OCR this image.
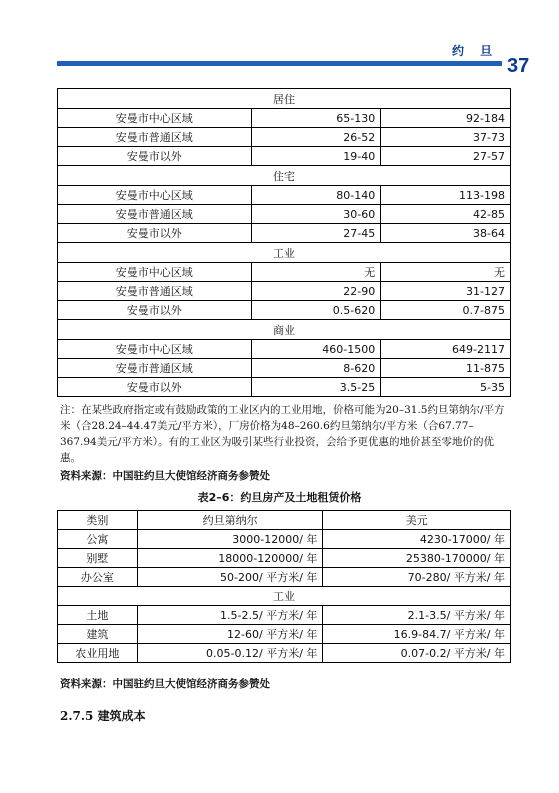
约 旦
37
居住		
安曼市中心区域	65-130	92-184
安曼市普通区域	26-52	37-73
安曼市以外	19-40	27-57
住宅		
安曼市中心区域	80-140	113-198
安曼市普通区域	30-60	42-85
安曼市以外	27-45	38-64
工业		
安曼市中心区域	无	无
安曼市普通区域	22-90	31-127
安曼市以外	0.5-620	0.7-875
商业		
安曼市中心区域	460-1500	649-2117
安曼市普通区域	8-620	11-875
安曼市以外	3.5-25	5-35
注：在某些政府指定或有鼓励政策的工业区内的工业用地，价格可能为20–31.5约旦第纳尔/平方米（合28.24–44.47美元/平方米），厂房价格为48–260.6约旦第纳尔/平方米（合67.77–367.94美元/平方米）。有的工业区为吸引某些行业投资，会给予更优惠的地价甚至零地价的优惠。
资料来源：中国驻约旦大使馆经济商务参赞处
表2–6：约旦房产及土地租赁价格
类别	约旦第纳尔	美元
公寓	3000-12000/ 年	4230-17000/ 年
别墅	18000-120000/ 年	25380-170000/ 年
办公室	50-200/ 平方米/ 年	70-280/ 平方米/ 年
工业		
土地	1.5-2.5/ 平方米/ 年	2.1-3.5/ 平方米/ 年
建筑	12-60/ 平方米/ 年	16.9-84.7/ 平方米/ 年
农业用地	0.05-0.12/ 平方米/ 年	0.07-0.2/ 平方米/ 年
资料来源：中国驻约旦大使馆经济商务参赞处
2.7.5 建筑成本
